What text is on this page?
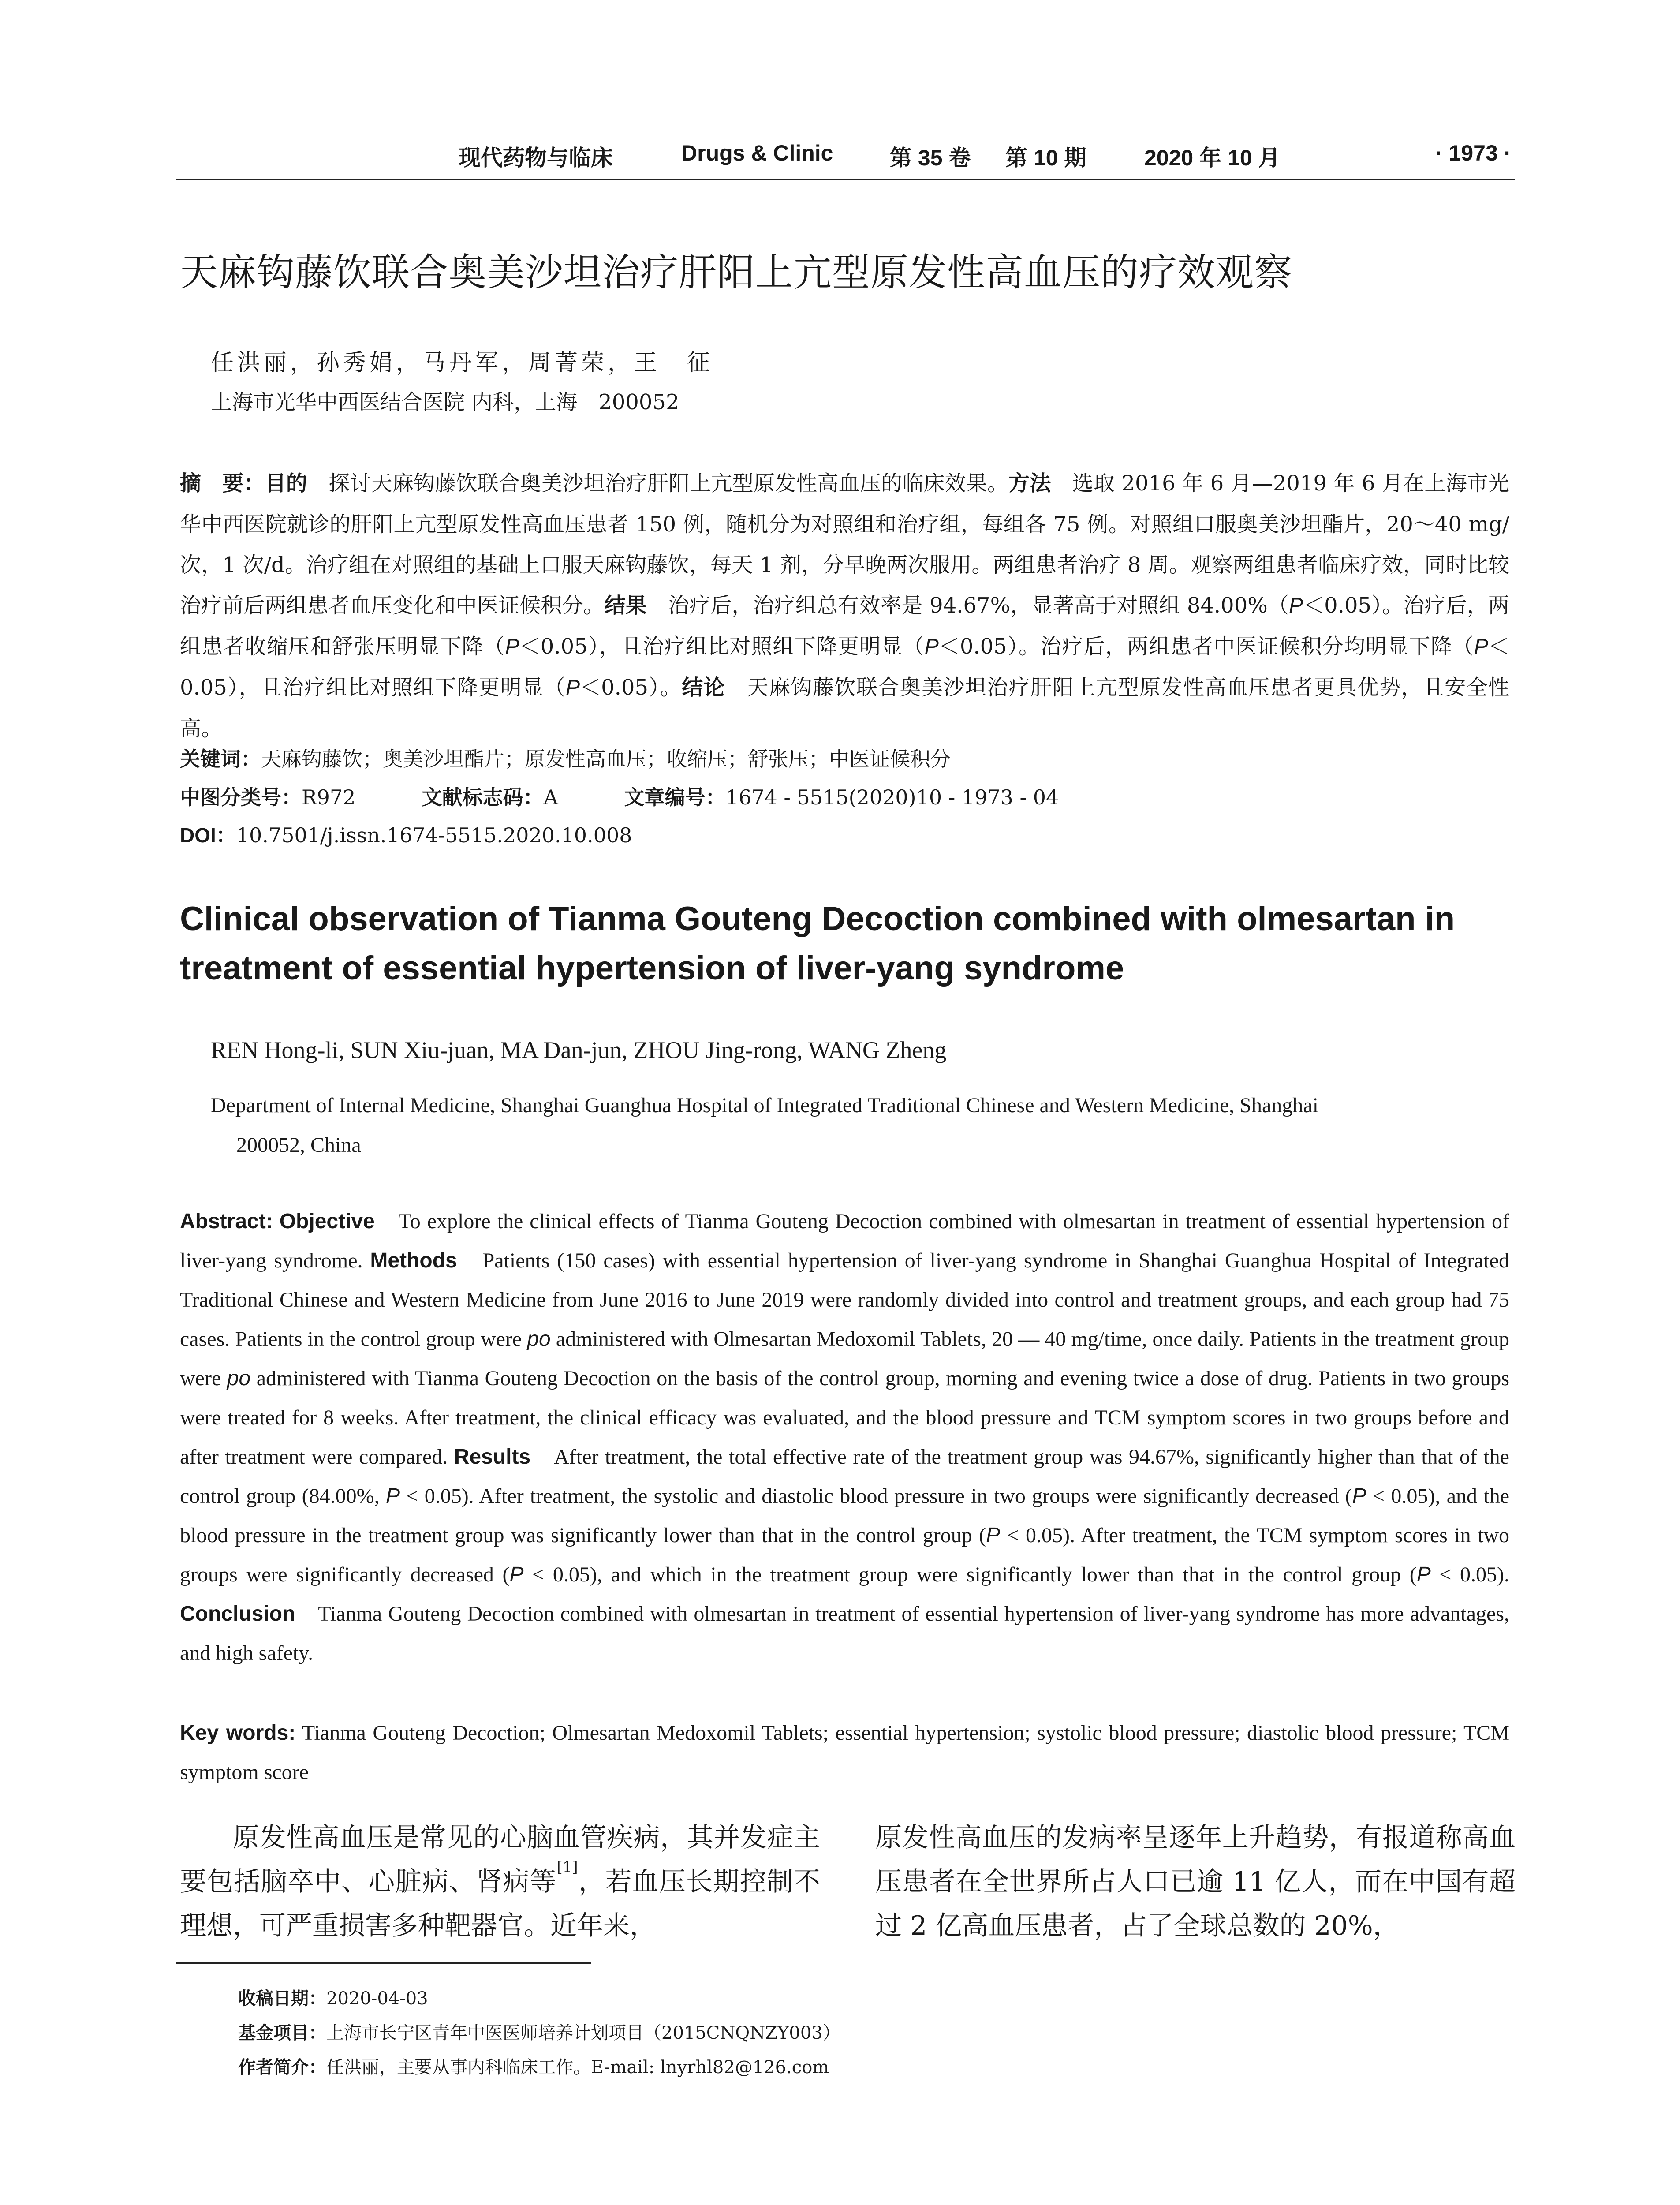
现代药物与临床	Drugs & Clinic	第 35 卷 第 10 期	2020 年 10 月	· 1973 ·
天麻钩藤饮联合奥美沙坦治疗肝阳上亢型原发性高血压的疗效观察
任洪丽，孙秀娟，马丹军，周菁荣，王　征
上海市光华中西医结合医院 内科，上海　200052
摘　要：目的　探讨天麻钩藤饮联合奥美沙坦治疗肝阳上亢型原发性高血压的临床效果。方法　选取 2016 年 6 月—2019 年 6 月在上海市光华中西医院就诊的肝阳上亢型原发性高血压患者 150 例，随机分为对照组和治疗组，每组各 75 例。对照组口服奥美沙坦酯片，20～40 mg/次，1 次/d。治疗组在对照组的基础上口服天麻钩藤饮，每天 1 剂，分早晚两次服用。两组患者治疗 8 周。观察两组患者临床疗效，同时比较治疗前后两组患者血压变化和中医证候积分。结果　治疗后，治疗组总有效率是 94.67%，显著高于对照组 84.00%（P＜0.05）。治疗后，两组患者收缩压和舒张压明显下降（P＜0.05），且治疗组比对照组下降更明显（P＜0.05）。治疗后，两组患者中医证候积分均明显下降（P＜0.05），且治疗组比对照组下降更明显（P＜0.05）。结论　天麻钩藤饮联合奥美沙坦治疗肝阳上亢型原发性高血压患者更具优势，且安全性高。
关键词：天麻钩藤饮；奥美沙坦酯片；原发性高血压；收缩压；舒张压；中医证候积分
中图分类号：R972	文献标志码：A	文章编号：1674 - 5515(2020)10 - 1973 - 04
DOI：10.7501/j.issn.1674-5515.2020.10.008
Clinical observation of Tianma Gouteng Decoction combined with olmesartan in treatment of essential hypertension of liver-yang syndrome
REN Hong-li, SUN Xiu-juan, MA Dan-jun, ZHOU Jing-rong, WANG Zheng
Department of Internal Medicine, Shanghai Guanghua Hospital of Integrated Traditional Chinese and Western Medicine, Shanghai
200052, China
Abstract: Objective　To explore the clinical effects of Tianma Gouteng Decoction combined with olmesartan in treatment of essential hypertension of liver-yang syndrome. Methods　Patients (150 cases) with essential hypertension of liver-yang syndrome in Shanghai Guanghua Hospital of Integrated Traditional Chinese and Western Medicine from June 2016 to June 2019 were randomly divided into control and treatment groups, and each group had 75 cases. Patients in the control group were po administered with Olmesartan Medoxomil Tablets, 20 — 40 mg/time, once daily. Patients in the treatment group were po administered with Tianma Gouteng Decoction on the basis of the control group, morning and evening twice a dose of drug. Patients in two groups were treated for 8 weeks. After treatment, the clinical efficacy was evaluated, and the blood pressure and TCM symptom scores in two groups before and after treatment were compared. Results　After treatment, the total effective rate of the treatment group was 94.67%, significantly higher than that of the control group (84.00%, P < 0.05). After treatment, the systolic and diastolic blood pressure in two groups were significantly decreased (P < 0.05), and the blood pressure in the treatment group was significantly lower than that in the control group (P < 0.05). After treatment, the TCM symptom scores in two groups were significantly decreased (P < 0.05), and which in the treatment group were significantly lower than that in the control group (P < 0.05). Conclusion　Tianma Gouteng Decoction combined with olmesartan in treatment of essential hypertension of liver-yang syndrome has more advantages, and high safety.
Key words: Tianma Gouteng Decoction; Olmesartan Medoxomil Tablets; essential hypertension; systolic blood pressure; diastolic blood pressure; TCM symptom score
原发性高血压是常见的心脑血管疾病，其并发症主要包括脑卒中、心脏病、肾病等[1]，若血压长期控制不理想，可严重损害多种靶器官。近年来，
原发性高血压的发病率呈逐年上升趋势，有报道称高血压患者在全世界所占人口已逾 11 亿人，而在中国有超过 2 亿高血压患者，占了全球总数的 20%，
收稿日期：2020-04-03
基金项目：上海市长宁区青年中医医师培养计划项目（2015CNQNZY003）
作者简介：任洪丽，主要从事内科临床工作。E-mail: lnyrhl82@126.com
